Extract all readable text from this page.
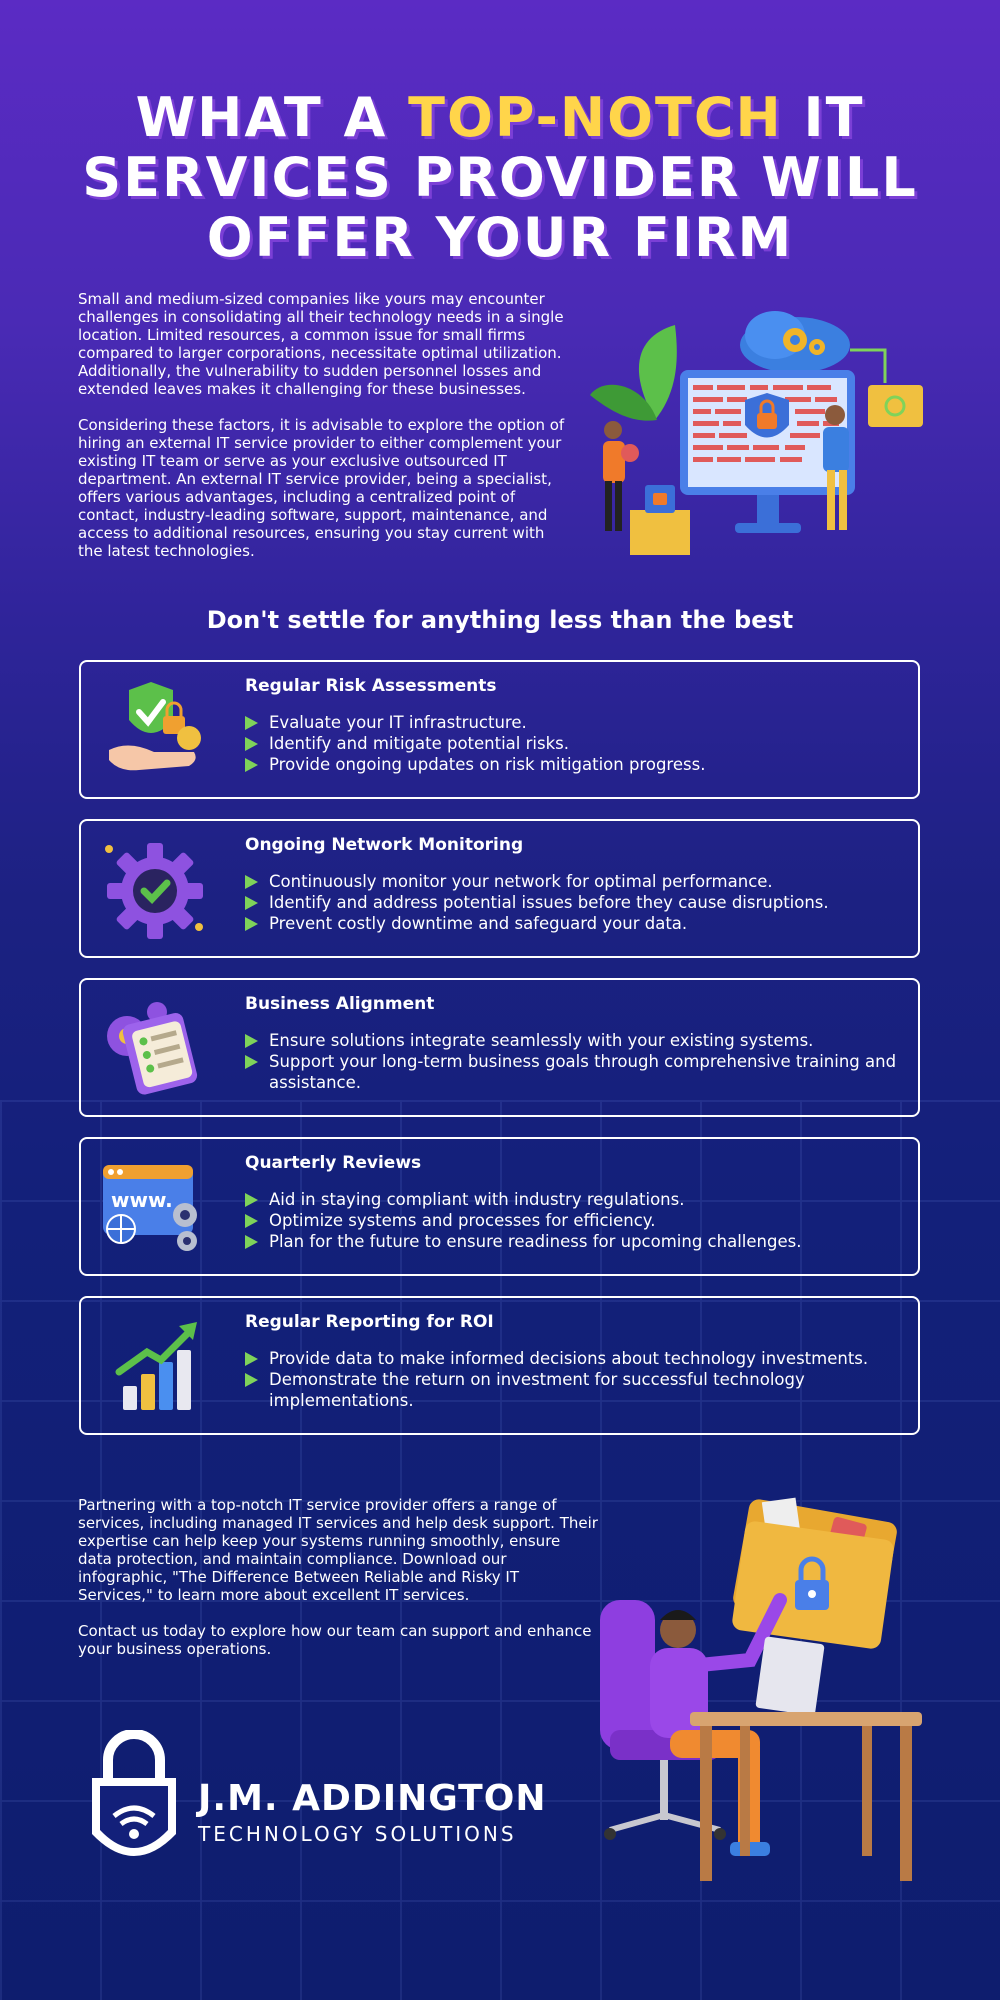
WHAT A TOP-NOTCH IT
SERVICES PROVIDER WILL
OFFER YOUR FIRM

Small and medium-sized companies like yours may encounter challenges in consolidating all their technology needs in a single location. Limited resources, a common issue for small firms compared to larger corporations, necessitate optimal utilization. Additionally, the vulnerability to sudden personnel losses and extended leaves makes it challenging for these businesses.

Considering these factors, it is advisable to explore the option of hiring an external IT service provider to either complement your existing IT team or serve as your exclusive outsourced IT department. An external IT service provider, being a specialist, offers various advantages, including a centralized point of contact, industry-leading software, support, maintenance, and access to additional resources, ensuring you stay current with the latest technologies.

Don't settle for anything less than the best
Regular Risk Assessments
Evaluate your IT infrastructure.
Identify and mitigate potential risks.
Provide ongoing updates on risk mitigation progress.
Ongoing Network Monitoring
Continuously monitor your network for optimal performance.
Identify and address potential issues before they cause disruptions.
Prevent costly downtime and safeguard your data.
Business Alignment
Ensure solutions integrate seamlessly with your existing systems.
Support your long-term business goals through comprehensive training and assistance.
www.
Quarterly Reviews
Aid in staying compliant with industry regulations.
Optimize systems and processes for efficiency.
Plan for the future to ensure readiness for upcoming challenges.
Regular Reporting for ROI
Provide data to make informed decisions about technology investments.
Demonstrate the return on investment for successful technology implementations.

Partnering with a top-notch IT service provider offers a range of services, including managed IT services and help desk support. Their expertise can help keep your systems running smoothly, ensure data protection, and maintain compliance. Download our infographic, "The Difference Between Reliable and Risky IT Services," to learn more about excellent IT services.

Contact us today to explore how our team can support and enhance your business operations.

J.M. ADDINGTON
TECHNOLOGY SOLUTIONS
